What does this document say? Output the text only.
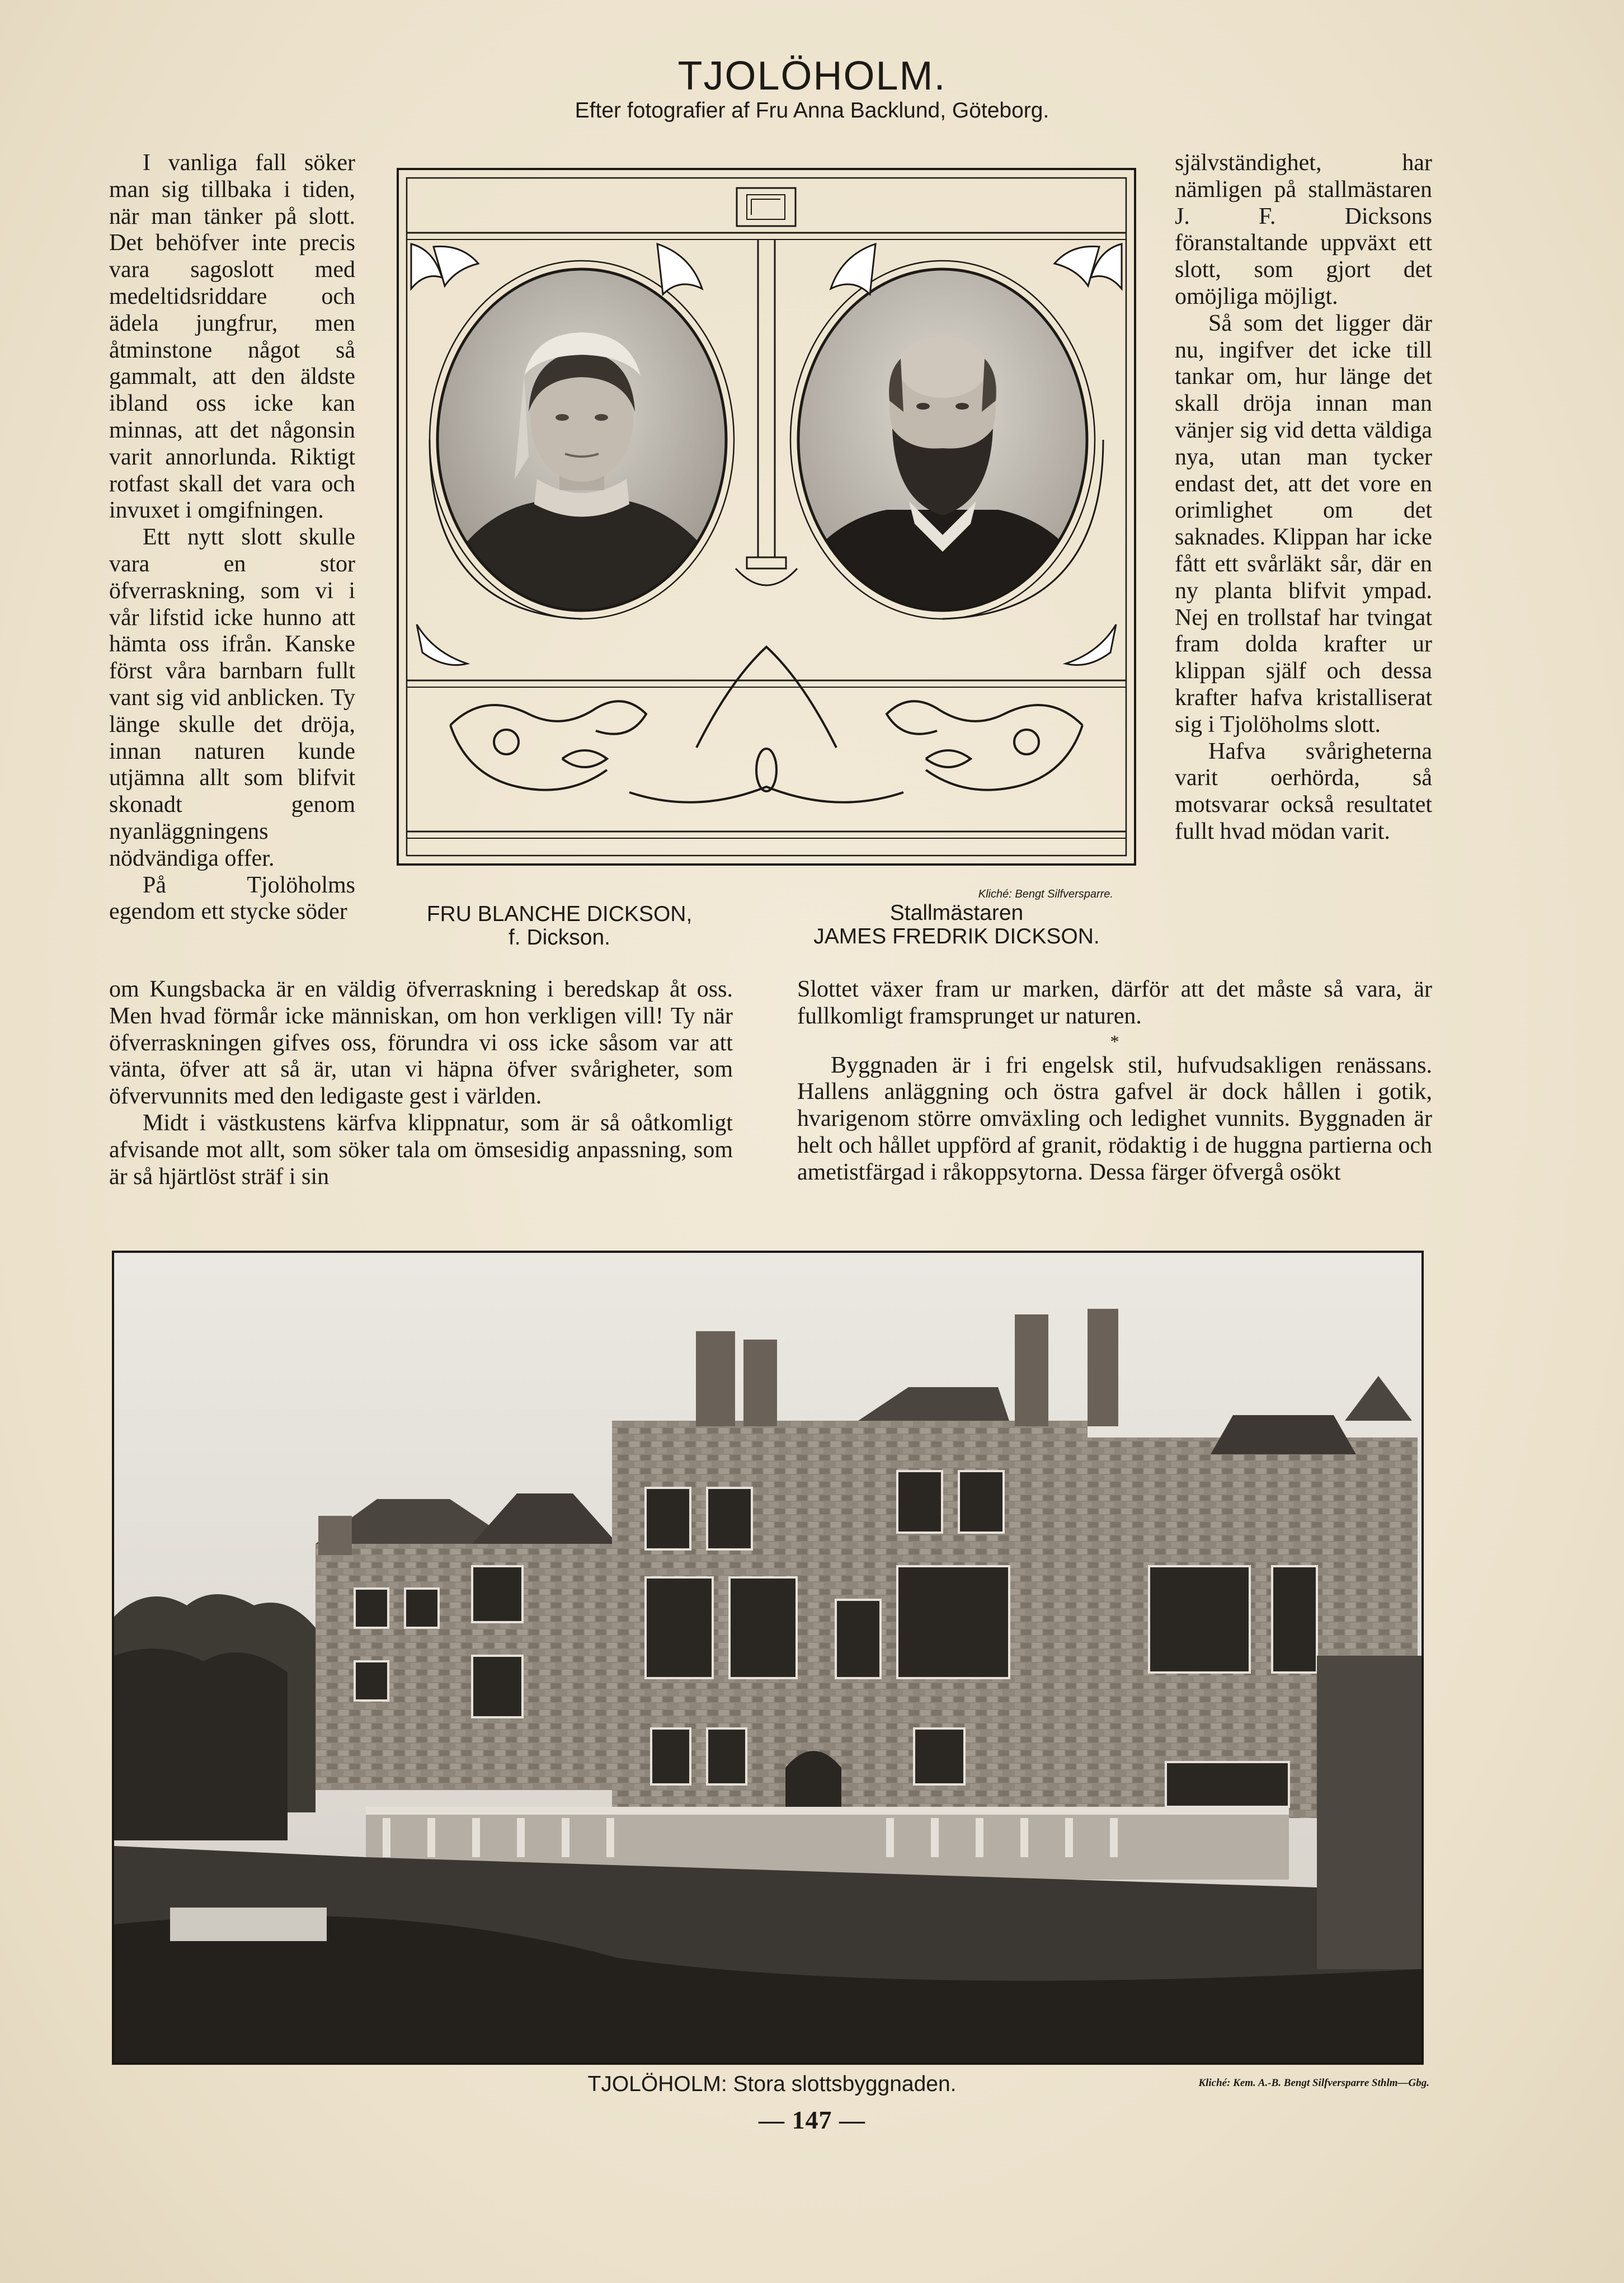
TJOLÖHOLM.
Efter fotografier af Fru Anna Backlund, Göteborg.

I vanliga fall söker man sig tillbaka i tiden, när man tänker på slott. Det behöfver inte precis vara sagoslott med medeltidsriddare och ädela jungfrur, men åtminstone något så gammalt, att den äldste ibland oss icke kan minnas, att det någonsin varit annorlunda. Riktigt rotfast skall det vara och invuxet i omgifningen.

Ett nytt slott skulle vara en stor öfverraskning, som vi i vår lifstid icke hunno att hämta oss ifrån. Kanske först våra barnbarn fullt vant sig vid anblicken. Ty länge skulle det dröja, innan naturen kunde utjämna allt som blifvit skonadt genom nyanläggningens nödvändiga offer.

På Tjolöholms egendom ett stycke söder	FRU BLANCHE DICKSON,
f. Dickson.
Kliché: Bengt Silfversparre.
Stallmästaren
JAMES FREDRIK DICKSON.

självständighet, har nämligen på stallmästaren J. F. Dicksons föranstaltande uppväxt ett slott, som gjort det omöjliga möjligt.

Så som det ligger där nu, ingifver det icke till tankar om, hur länge det skall dröja innan man vänjer sig vid detta väldiga nya, utan man tycker endast det, att det vore en orimlighet om det saknades. Klippan har icke fått ett svårläkt sår, där en ny planta blifvit ympad. Nej en trollstaf har tvingat fram dolda krafter ur klippan själf och dessa krafter hafva kristalliserat sig i Tjolöholms slott.

Hafva svårigheterna varit oerhörda, så motsvarar också resultatet fullt hvad mödan varit.

om Kungsbacka är en väldig öfverraskning i beredskap åt oss. Men hvad förmår icke människan, om hon verkligen vill! Ty när öfverraskningen gifves oss, förundra vi oss icke såsom var att vänta, öfver att så är, utan vi häpna öfver svårigheter, som öfvervunnits med den ledigaste gest i världen.

Midt i västkustens kärfva klippnatur, som är så oåtkomligt afvisande mot allt, som söker tala om ömsesidig anpassning, som är så hjärtlöst sträf i sin

Slottet växer fram ur marken, därför att det måste så vara, är fullkomligt framsprunget ur naturen.

*

Byggnaden är i fri engelsk stil, hufvudsakligen renässans. Hallens anläggning och östra gafvel är dock hållen i gotik, hvarigenom större omväxling och ledighet vunnits. Byggnaden är helt och hållet uppförd af granit, rödaktig i de huggna partierna och ametistfärgad i råkoppsytorna. Dessa färger öfvergå osökt

TJOLÖHOLM: Stora slottsbyggnaden.	Kliché: Kem. A.-B. Bengt Silfversparre Sthlm—Gbg.
— 147 —
